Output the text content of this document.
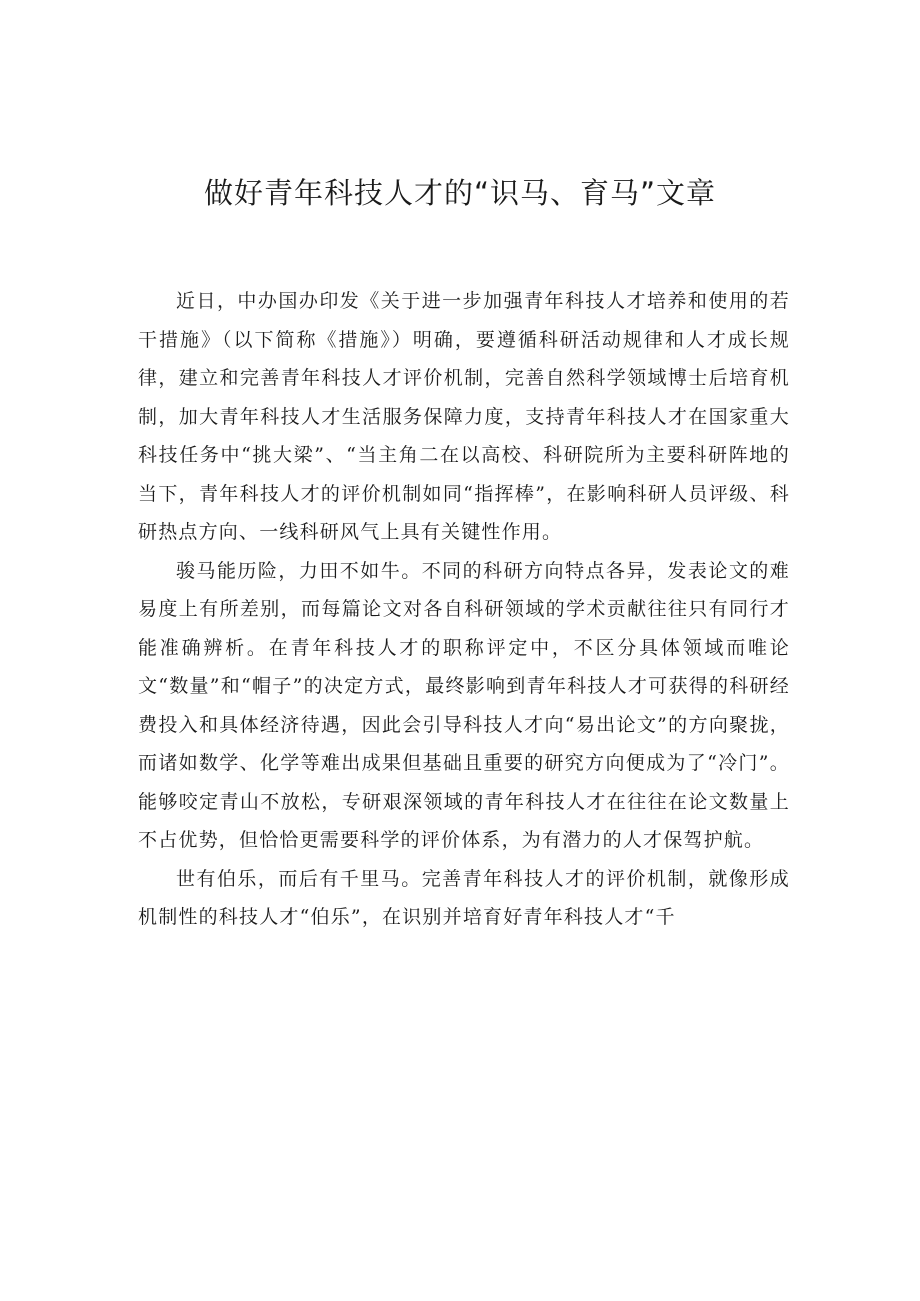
做好青年科技人才的“识马、育马”文章

近日，中办国办印发《关于进一步加强青年科技人才培养和使用的若干措施》（以下简称《措施》）明确，要遵循科研活动规律和人才成长规律，建立和完善青年科技人才评价机制，完善自然科学领域博士后培育机制，加大青年科技人才生活服务保障力度，支持青年科技人才在国家重大科技任务中“挑大梁”、“当主角二在以高校、科研院所为主要科研阵地的当下，青年科技人才的评价机制如同“指挥棒”，在影响科研人员评级、科研热点方向、一线科研风气上具有关键性作用。

骏马能历险，力田不如牛。不同的科研方向特点各异，发表论文的难易度上有所差别，而每篇论文对各自科研领域的学术贡献往往只有同行才能准确辨析。在青年科技人才的职称评定中，不区分具体领域而唯论文“数量”和“帽子”的决定方式，最终影响到青年科技人才可获得的科研经费投入和具体经济待遇，因此会引导科技人才向“易出论文”的方向聚拢，而诸如数学、化学等难出成果但基础且重要的研究方向便成为了“冷门”。能够咬定青山不放松，专研艰深领域的青年科技人才在往往在论文数量上不占优势，但恰恰更需要科学的评价体系，为有潜力的人才保驾护航。

世有伯乐，而后有千里马。完善青年科技人才的评价机制，就像形成机制性的科技人才“伯乐”，在识别并培育好青年科技人才“千
